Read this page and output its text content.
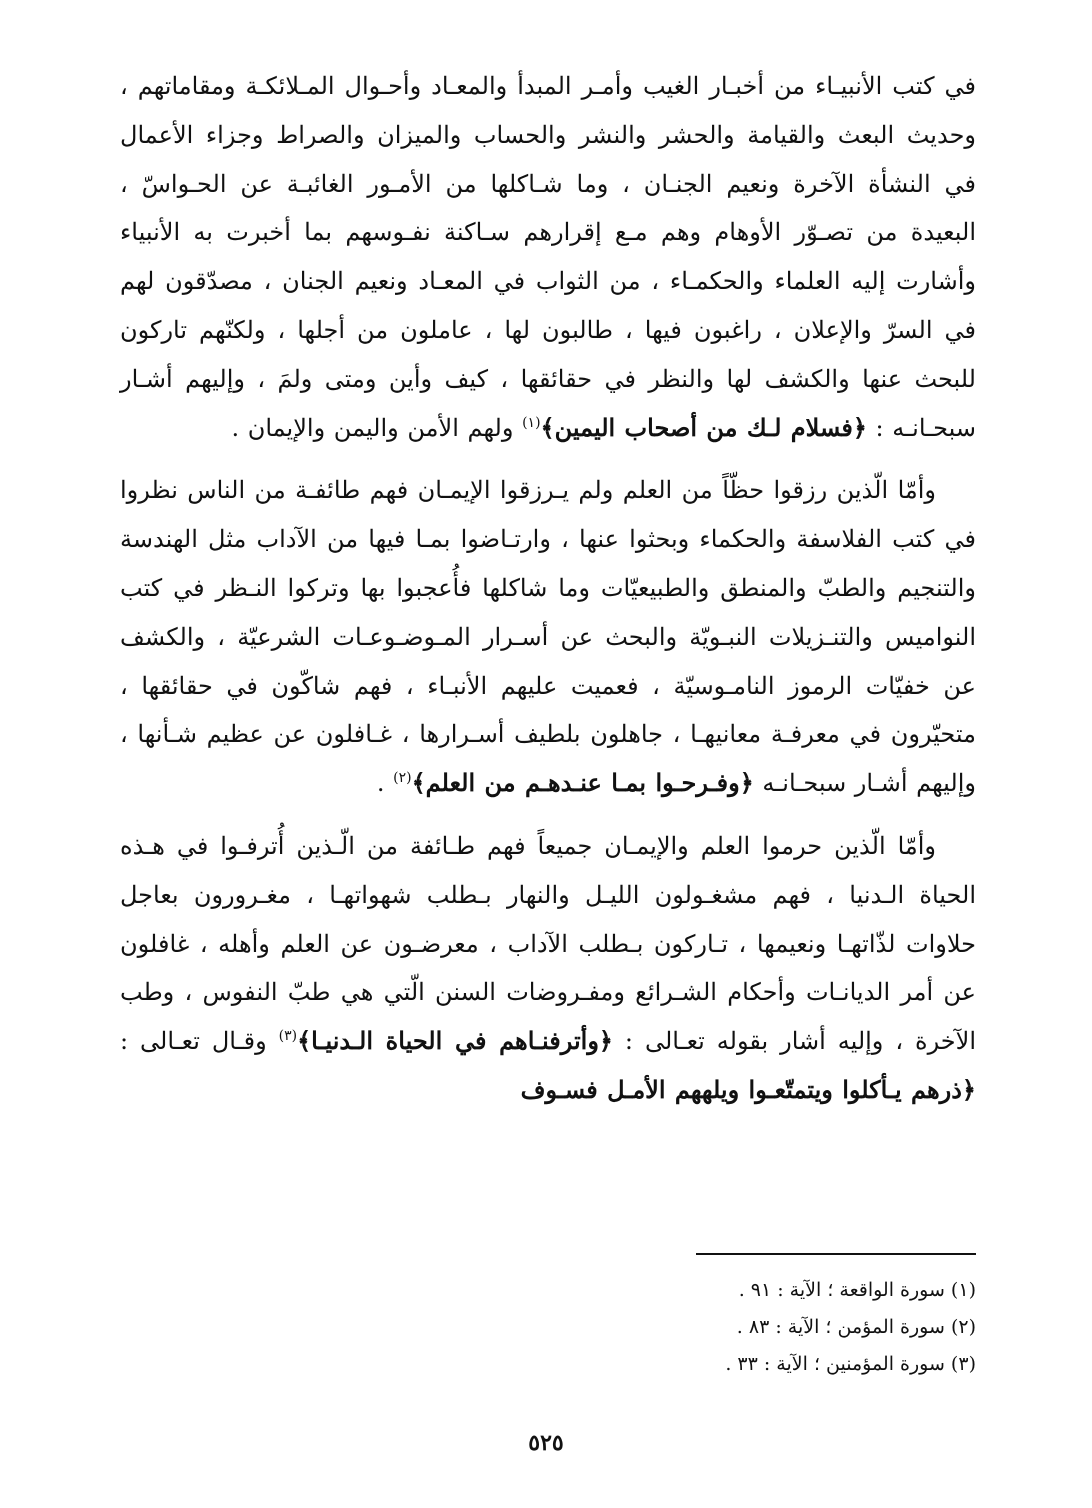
في كتب الأنبيـاء من أخبـار الغيب وأمـر المبدأ والمعـاد وأحـوال المـلائكـة ومقاماتهم ، وحديث البعث والقيامة والحشر والنشر والحساب والميزان والصراط وجزاء الأعمال في النشأة الآخرة ونعيم الجنـان ، وما شـاكلها من الأمـور الغائبـة عن الحـواسّ ، البعيدة من تصـوّر الأوهام وهم مـع إقرارهم سـاكنة نفـوسهم بما أخبرت به الأنبياء وأشارت إليه العلماء والحكمـاء ، من الثواب في المعـاد ونعيم الجنان ، مصدّقون لهم في السرّ والإعلان ، راغبون فيها ، طالبون لها ، عاملون من أجلها ، ولكنّهم تاركون للبحث عنها والكشف لها والنظر في حقائقها ، كيف وأين ومتى ولمَ ، وإليهم أشـار سبحـانـه : ﴿فسلام لـك من أصحاب اليمين﴾$^{(١)}$ ولهم الأمن واليمن والإيمان .

وأمّا الّذين رزقوا حظّاً من العلم ولم يـرزقوا الإيمـان فهم طائفـة من الناس نظروا في كتب الفلاسفة والحكماء وبحثوا عنها ، وارتـاضوا بمـا فيها من الآداب مثل الهندسة والتنجيم والطبّ والمنطق والطبيعيّات وما شاكلها فأُعجبوا بها وتركوا النـظر في كتب النواميس والتنـزيلات النبـويّة والبحث عن أسـرار المـوضـوعـات الشرعيّة ، والكشف عن خفيّات الرموز النامـوسيّة ، فعميت عليهم الأنبـاء ، فهم شاكّون في حقائقها ، متحيّرون في معرفـة معانيهـا ، جاهلون بلطيف أسـرارها ، غـافلون عن عظيم شـأنها ، وإليهم أشـار سبحـانـه ﴿وفـرحـوا بمـا عنـدهـم من العلم﴾$^{(٢)}$ .

وأمّا الّذين حرموا العلم والإيمـان جميعاً فهم طـائفة من الّـذين أُترفـوا في هـذه الحياة الـدنيا ، فهم مشغـولون الليـل والنهار بـطلب شهواتهـا ، مغـرورون بعاجل حلاوات لذّاتهـا ونعيمها ، تـاركون بـطلب الآداب ، معرضـون عن العلم وأهله ، غافلون عن أمر الديانـات وأحكام الشـرائع ومفـروضات السنن الّتي هي طبّ النفوس ، وطب الآخرة ، وإليه أشار بقوله تعـالى : ﴿وأترفنـاهم في الحياة الـدنيـا﴾$^{(٣)}$ وقـال تعـالى : ﴿ذرهم يـأكلوا ويتمتّعـوا ويلههم الأمـل فسـوف

(١) سورة الواقعة ؛ الآية : ٩١ .
(٢) سورة المؤمن ؛ الآية : ٨٣ .
(٣) سورة المؤمنين ؛ الآية : ٣٣ .
٥٢٥
